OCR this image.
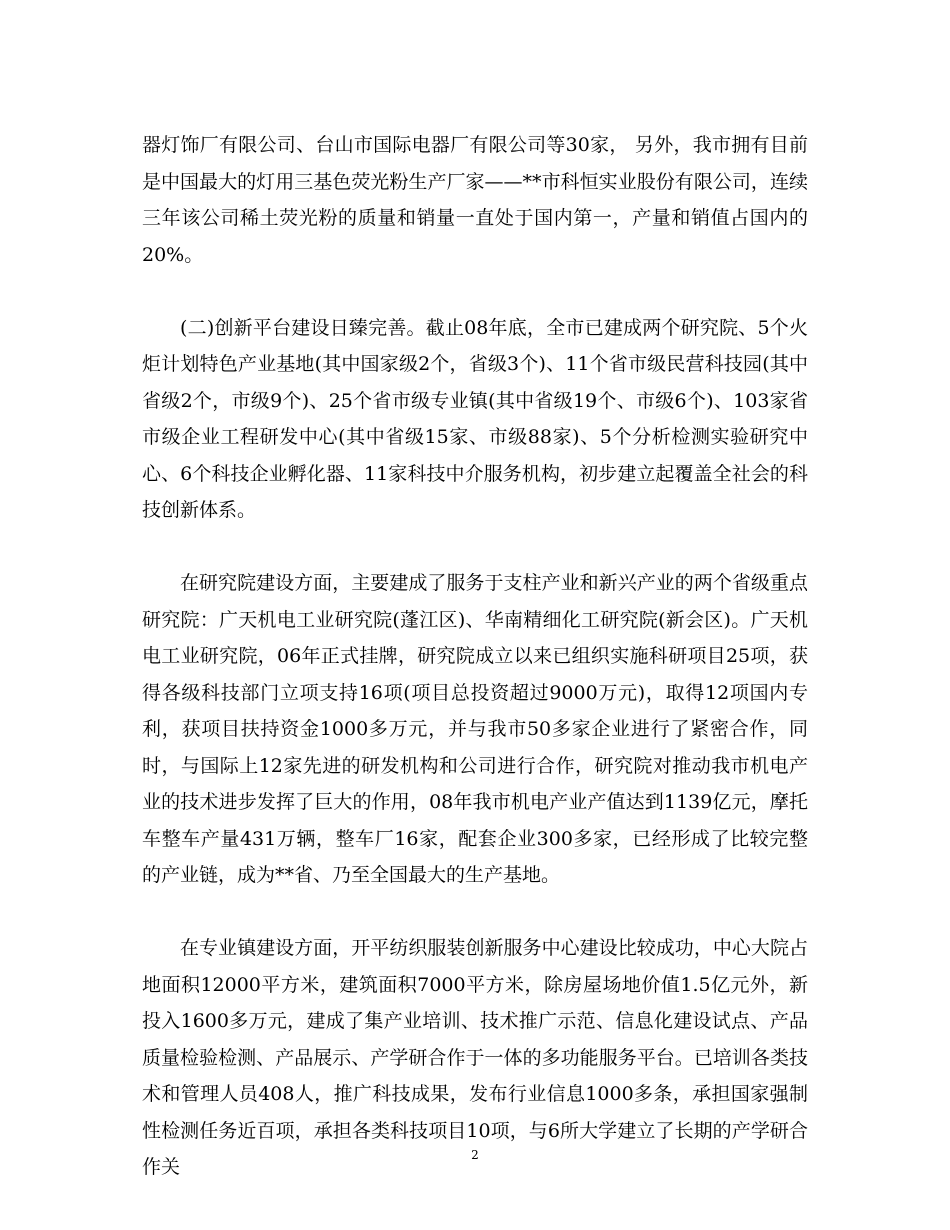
器灯饰厂有限公司、台山市国际电器厂有限公司等30家， 另外，我市拥有目前是中国最大的灯用三基色荧光粉生产厂家——**市科恒实业股份有限公司，连续三年该公司稀土荧光粉的质量和销量一直处于国内第一，产量和销值占国内的20%。

(二)创新平台建设日臻完善。截止08年底，全市已建成两个研究院、5个火炬计划特色产业基地(其中国家级2个，省级3个)、11个省市级民营科技园(其中省级2个，市级9个)、25个省市级专业镇(其中省级19个、市级6个)、103家省市级企业工程研发中心(其中省级15家、市级88家)、5个分析检测实验研究中心、6个科技企业孵化器、11家科技中介服务机构，初步建立起覆盖全社会的科技创新体系。

在研究院建设方面，主要建成了服务于支柱产业和新兴产业的两个省级重点研究院：广天机电工业研究院(蓬江区)、华南精细化工研究院(新会区)。广天机电工业研究院，06年正式挂牌，研究院成立以来已组织实施科研项目25项，获得各级科技部门立项支持16项(项目总投资超过9000万元)，取得12项国内专利，获项目扶持资金1000多万元，并与我市50多家企业进行了紧密合作，同时，与国际上12家先进的研发机构和公司进行合作，研究院对推动我市机电产业的技术进步发挥了巨大的作用，08年我市机电产业产值达到1139亿元，摩托车整车产量431万辆，整车厂16家，配套企业300多家，已经形成了比较完整的产业链，成为**省、乃至全国最大的生产基地。

在专业镇建设方面，开平纺织服装创新服务中心建设比较成功，中心大院占地面积12000平方米，建筑面积7000平方米，除房屋场地价值1.5亿元外，新投入1600多万元，建成了集产业培训、技术推广示范、信息化建设试点、产品质量检验检测、产品展示、产学研合作于一体的多功能服务平台。已培训各类技术和管理人员408人，推广科技成果，发布行业信息1000多条，承担国家强制性检测任务近百项，承担各类科技项目10项，与6所大学建立了长期的产学研合作关

2
